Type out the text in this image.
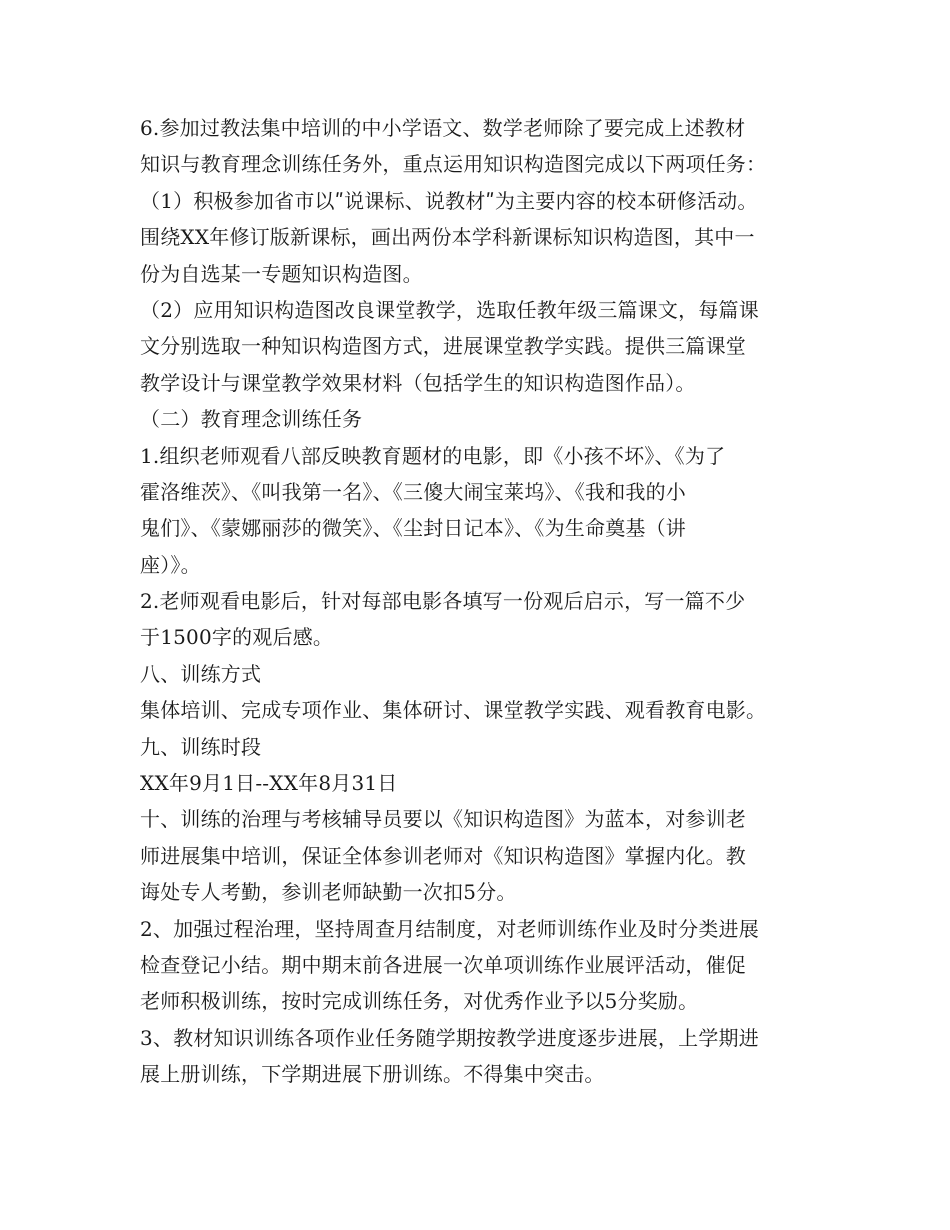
6.参加过教法集中培训的中小学语文、数学老师除了要完成上述教材
知识与教育理念训练任务外，重点运用知识构造图完成以下两项任务：
（1）积极参加省市以ʺ说课标、说教材ʺ为主要内容的校本研修活动。
围绕XX年修订版新课标，画出两份本学科新课标知识构造图，其中一
份为自选某一专题知识构造图。
（2）应用知识构造图改良课堂教学，选取任教年级三篇课文，每篇课
文分别选取一种知识构造图方式，进展课堂教学实践。提供三篇课堂
教学设计与课堂教学效果材料（包括学生的知识构造图作品）。
（二）教育理念训练任务
1.组织老师观看八部反映教育题材的电影，即《小孩不坏》、《为了
霍洛维茨》、《叫我第一名》、《三傻大闹宝莱坞》、《我和我的小
鬼们》、《蒙娜丽莎的微笑》、《尘封日记本》、《为生命奠基（讲
座）》。
2.老师观看电影后，针对每部电影各填写一份观后启示，写一篇不少
于1500字的观后感。
八、训练方式
集体培训、完成专项作业、集体研讨、课堂教学实践、观看教育电影。
九、训练时段
XX年9月1日--XX年8月31日
十、训练的治理与考核辅导员要以《知识构造图》为蓝本，对参训老
师进展集中培训，保证全体参训老师对《知识构造图》掌握内化。教
诲处专人考勤，参训老师缺勤一次扣5分。
2、加强过程治理，坚持周查月结制度，对老师训练作业及时分类进展
检查登记小结。期中期末前各进展一次单项训练作业展评活动，催促
老师积极训练，按时完成训练任务，对优秀作业予以5分奖励。
3、教材知识训练各项作业任务随学期按教学进度逐步进展，上学期进
展上册训练，下学期进展下册训练。不得集中突击。
